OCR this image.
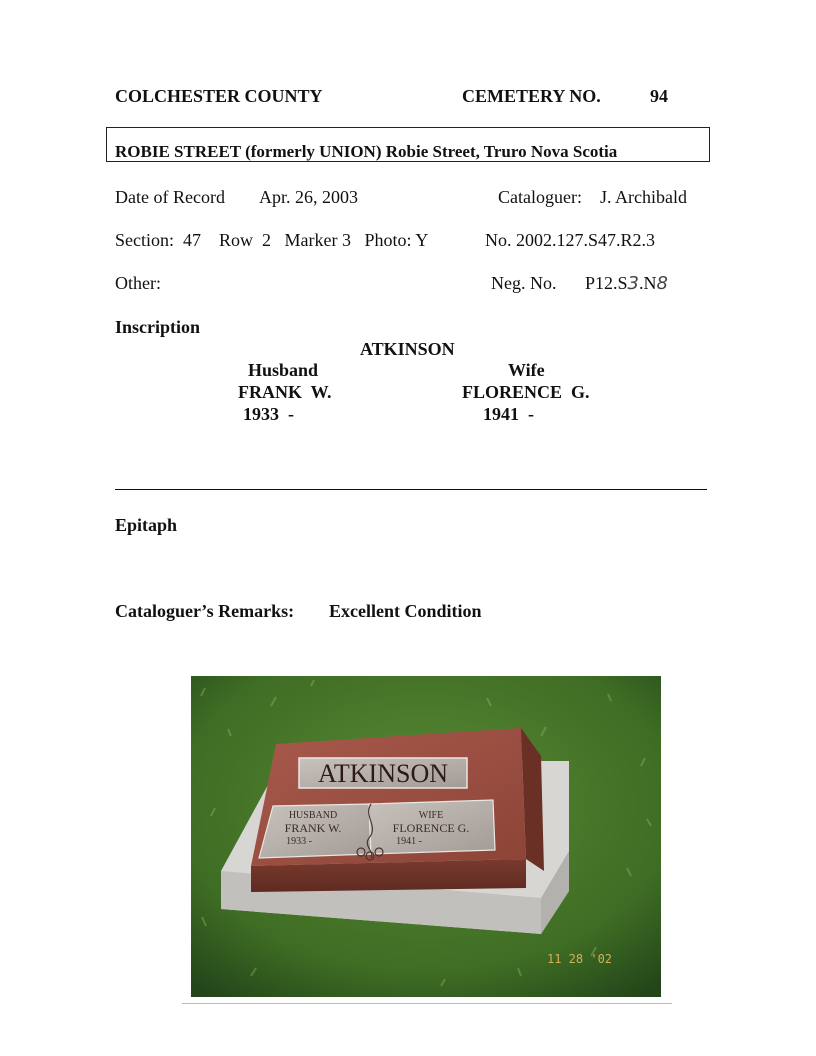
COLCHESTER COUNTY	CEMETERY NO.	94
ROBIE STREET (formerly UNION) Robie Street, Truro Nova Scotia
Date of Record Apr. 26, 2003	Cataloguer: J. Archibald
Section:  47    Row  2   Marker 3   Photo: Y	No. 2002.127.S47.R2.3
Other:	Neg. No. P12.S3.N8
Inscription
ATKINSON
Husband
FRANK  W.
1933  -
Wife
FLORENCE  G.
1941  -
Epitaph
Cataloguer’s Remarks: Excellent Condition
ATKINSON
HUSBAND
FRANK W.
1933 -
WIFE
FLORENCE G.
1941 -
11 28 '02
